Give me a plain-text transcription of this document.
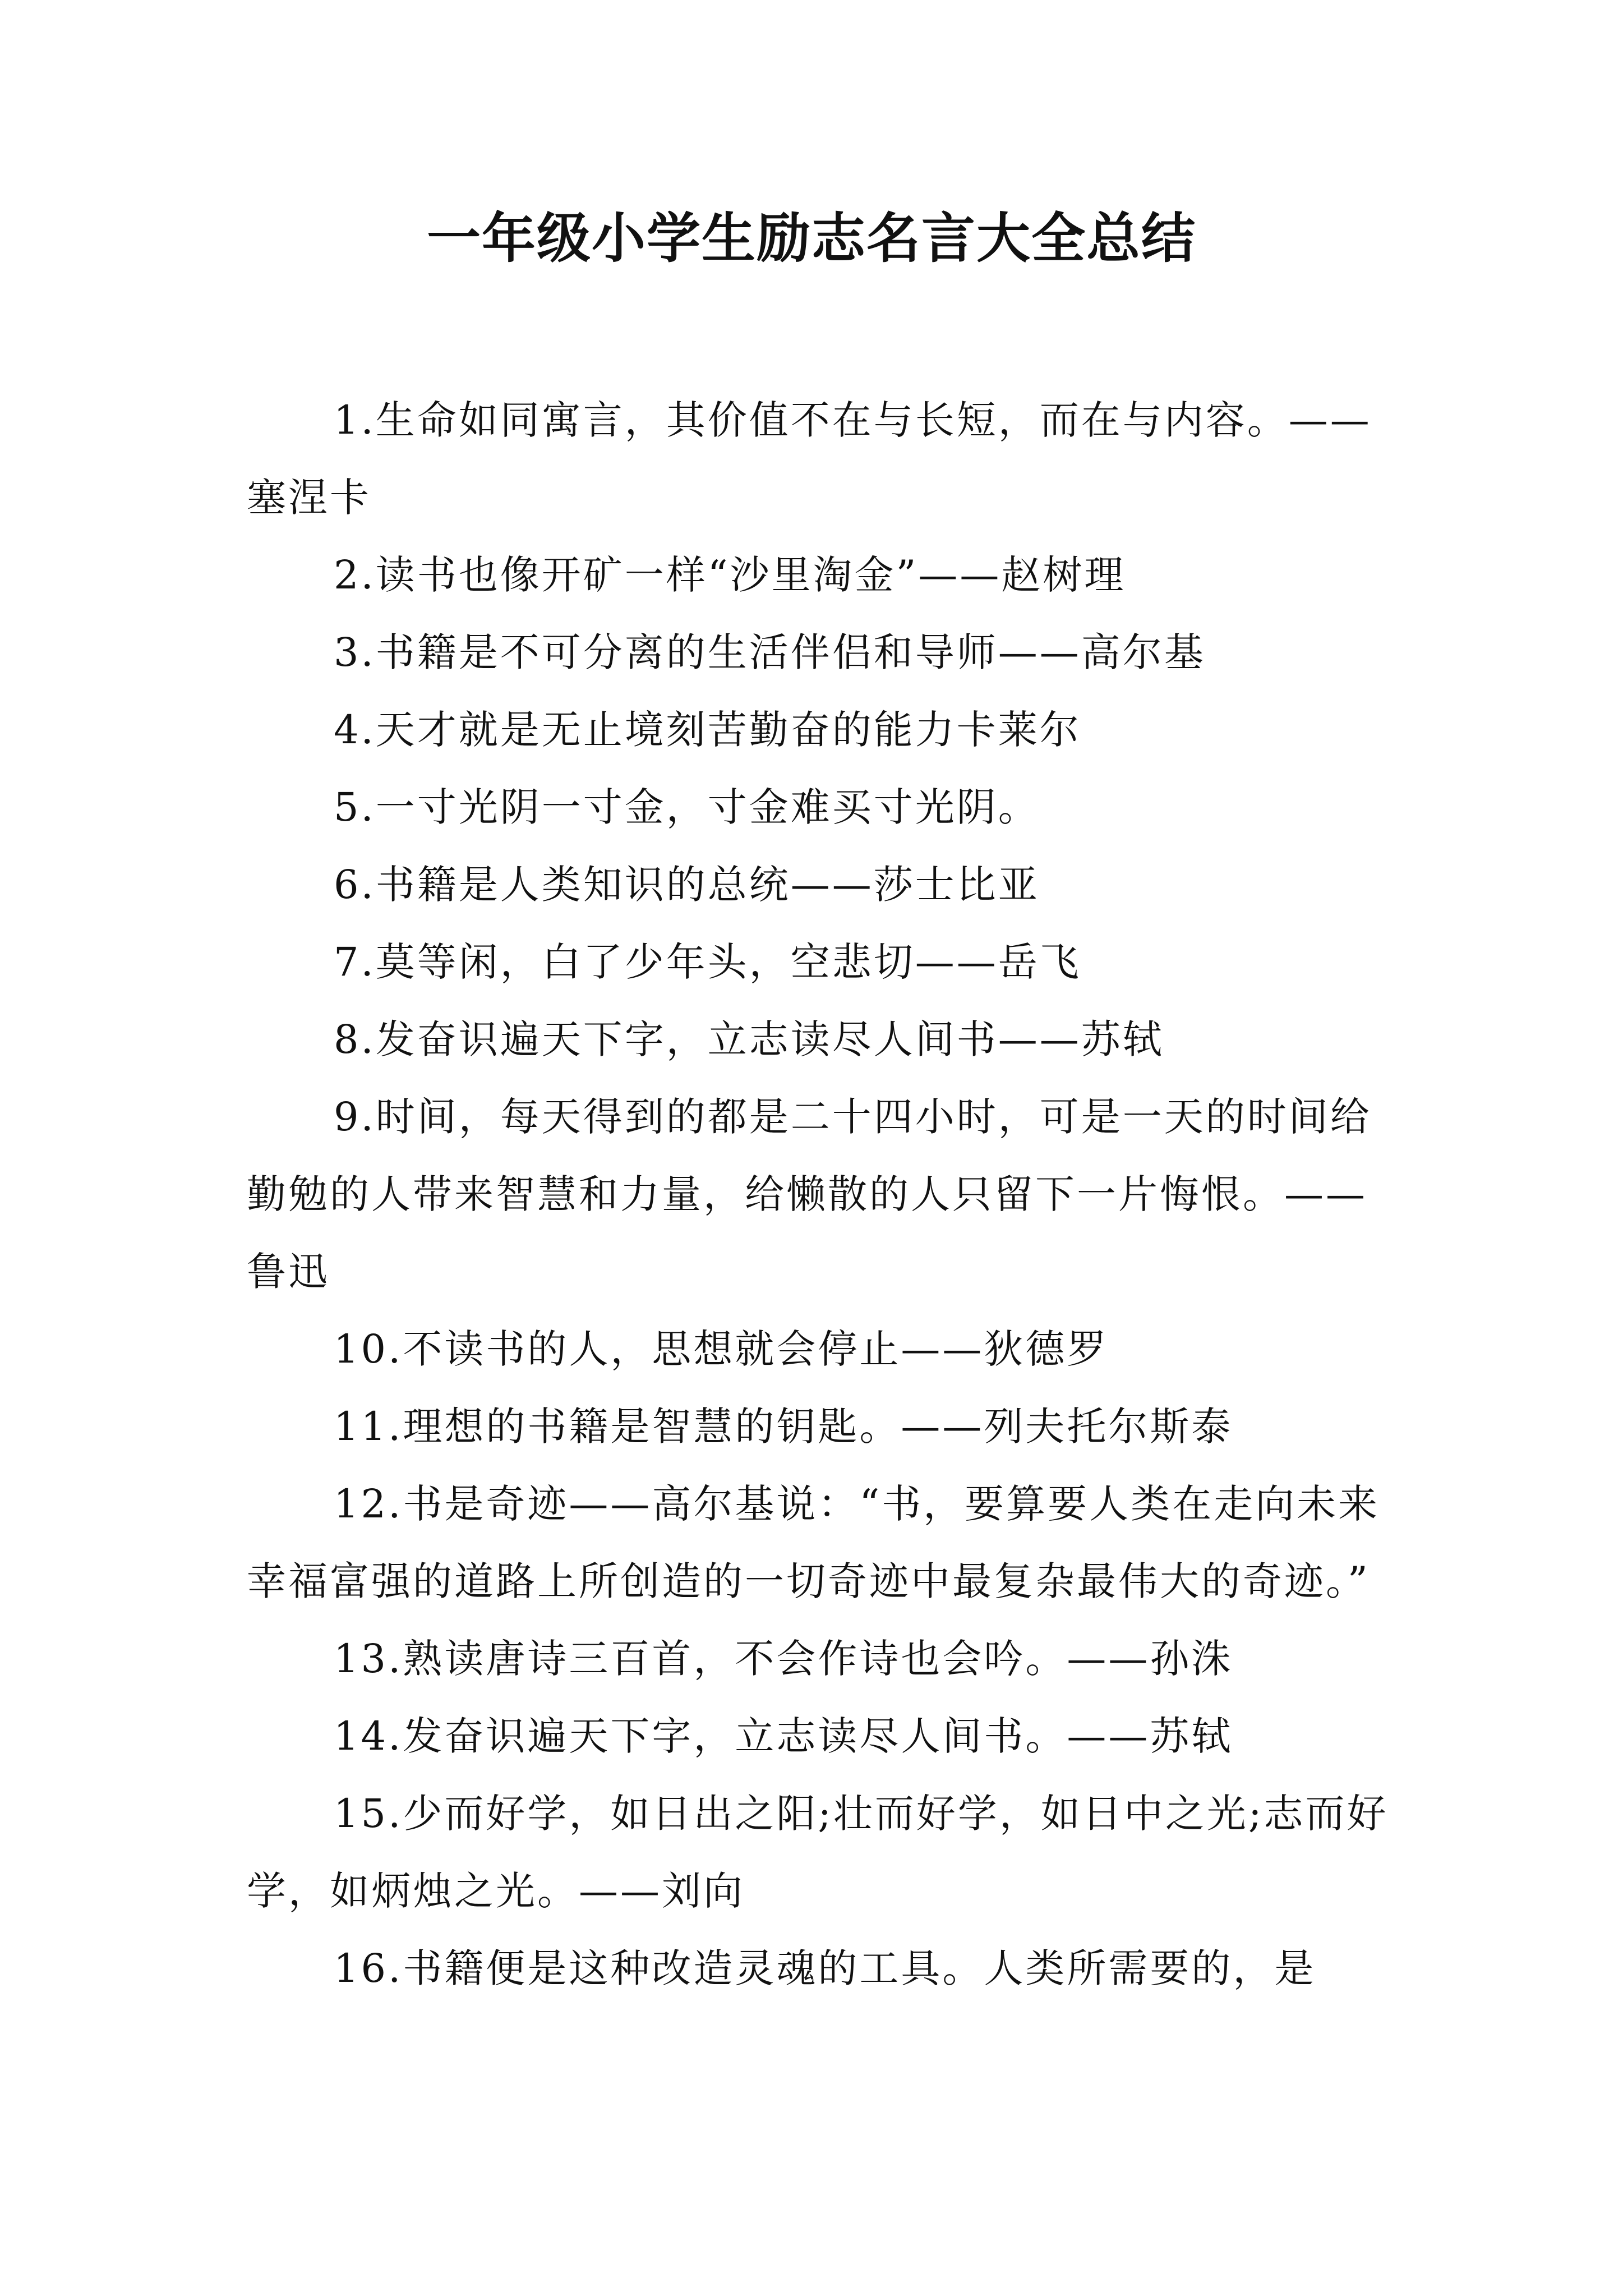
一年级小学生励志名言大全总结

1.生命如同寓言，其价值不在与长短，而在与内容。——塞涅卡

2.读书也像开矿一样“沙里淘金”——赵树理

3.书籍是不可分离的生活伴侣和导师——高尔基

4.天才就是无止境刻苦勤奋的能力卡莱尔

5.一寸光阴一寸金，寸金难买寸光阴。

6.书籍是人类知识的总统——莎士比亚

7.莫等闲，白了少年头，空悲切——岳飞

8.发奋识遍天下字，立志读尽人间书——苏轼

9.时间，每天得到的都是二十四小时，可是一天的时间给勤勉的人带来智慧和力量，给懒散的人只留下一片悔恨。——鲁迅

10.不读书的人，思想就会停止——狄德罗

11.理想的书籍是智慧的钥匙。——列夫托尔斯泰

12.书是奇迹——高尔基说：“书，要算要人类在走向未来幸福富强的道路上所创造的一切奇迹中最复杂最伟大的奇迹。”

13.熟读唐诗三百首，不会作诗也会吟。——孙洙

14.发奋识遍天下字，立志读尽人间书。——苏轼

15.少而好学，如日出之阳;壮而好学，如日中之光;志而好学，如炳烛之光。——刘向

16.书籍便是这种改造灵魂的工具。人类所需要的，是
